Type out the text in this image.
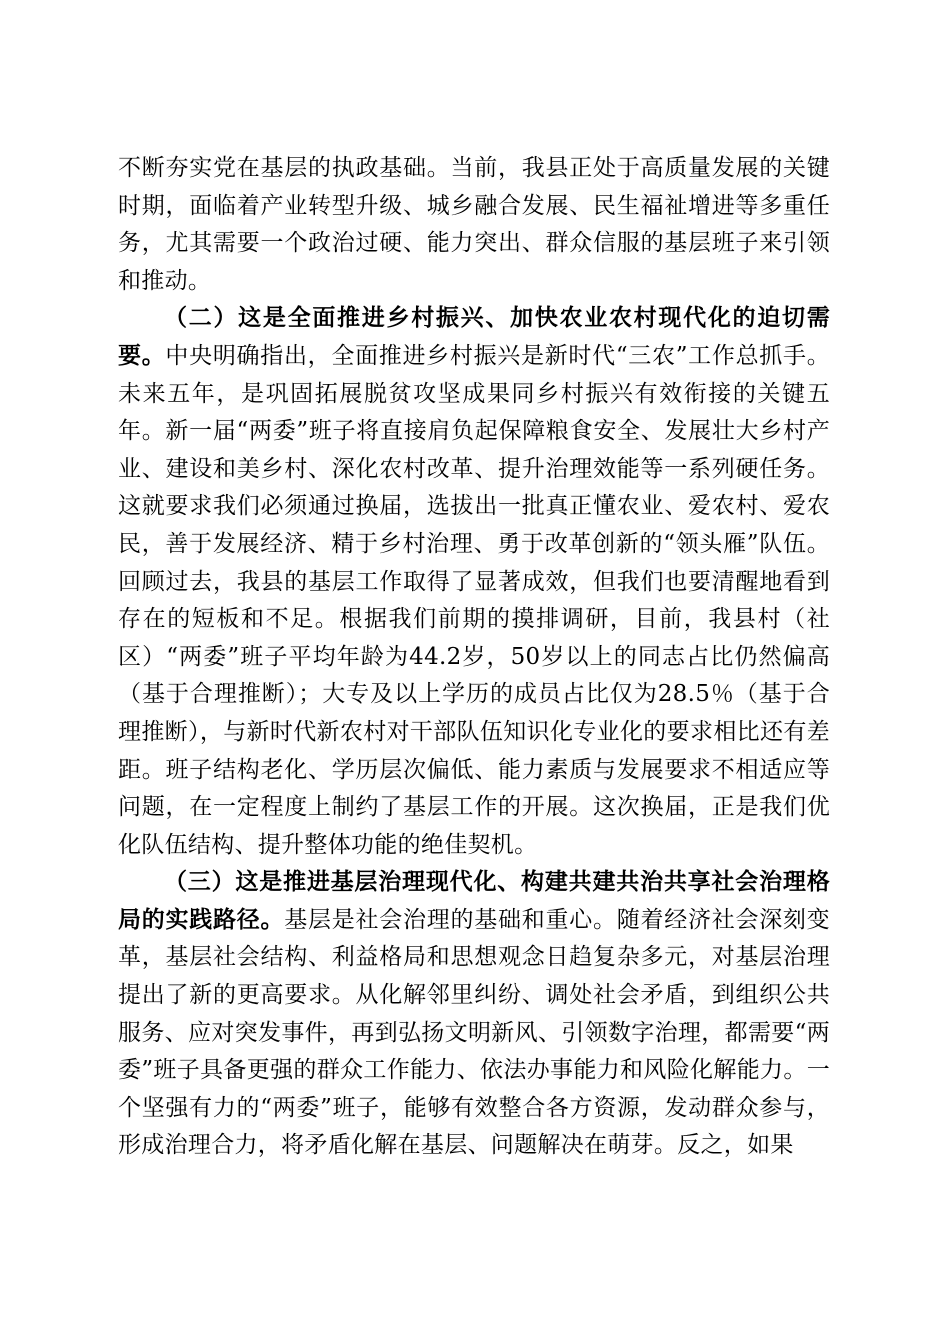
不断夯实党在基层的执政基础。当前，我县正处于高质量发展的关键时期，面临着产业转型升级、城乡融合发展、民生福祉增进等多重任务，尤其需要一个政治过硬、能力突出、群众信服的基层班子来引领和推动。

（二）这是全面推进乡村振兴、加快农业农村现代化的迫切需要。中央明确指出，全面推进乡村振兴是新时代“三农”工作总抓手。未来五年，是巩固拓展脱贫攻坚成果同乡村振兴有效衔接的关键五年。新一届“两委”班子将直接肩负起保障粮食安全、发展壮大乡村产业、建设和美乡村、深化农村改革、提升治理效能等一系列硬任务。这就要求我们必须通过换届，选拔出一批真正懂农业、爱农村、爱农民，善于发展经济、精于乡村治理、勇于改革创新的“领头雁”队伍。回顾过去，我县的基层工作取得了显著成效，但我们也要清醒地看到存在的短板和不足。根据我们前期的摸排调研，目前，我县村（社区）“两委”班子平均年龄为44.2岁，50岁以上的同志占比仍然偏高（基于合理推断）；大专及以上学历的成员占比仅为28.5％（基于合理推断），与新时代新农村对干部队伍知识化专业化的要求相比还有差距。班子结构老化、学历层次偏低、能力素质与发展要求不相适应等问题，在一定程度上制约了基层工作的开展。这次换届，正是我们优化队伍结构、提升整体功能的绝佳契机。

（三）这是推进基层治理现代化、构建共建共治共享社会治理格局的实践路径。基层是社会治理的基础和重心。随着经济社会深刻变革，基层社会结构、利益格局和思想观念日趋复杂多元，对基层治理提出了新的更高要求。从化解邻里纠纷、调处社会矛盾，到组织公共服务、应对突发事件，再到弘扬文明新风、引领数字治理，都需要“两委”班子具备更强的群众工作能力、依法办事能力和风险化解能力。一个坚强有力的“两委”班子，能够有效整合各方资源，发动群众参与，形成治理合力，将矛盾化解在基层、问题解决在萌芽。反之，如果
